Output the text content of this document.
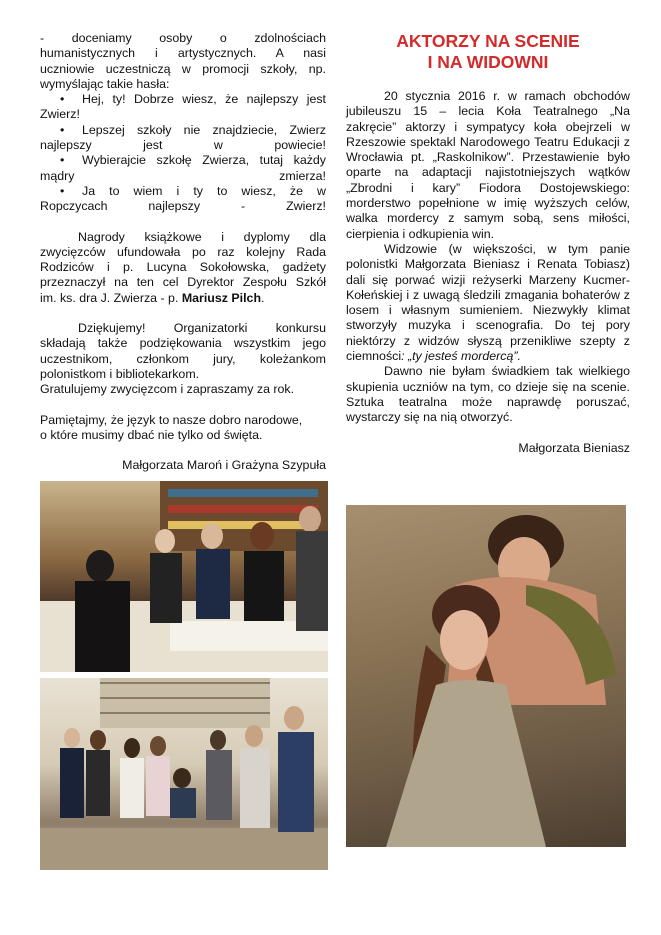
- doceniamy osoby o zdolnościach

humanistycznych i artystycznych. A nasi

uczniowie uczestniczą w promocji szkoły, np.

wymyślając takie hasła:

• Hej, ty! Dobrze wiesz, że najlepszy jest

Zwierz!

• Lepszej szkoły nie znajdziecie, Zwierz

najlepszy jest w powiecie!

• Wybierajcie szkołę Zwierza, tutaj każdy

mądry zmierza!

• Ja to wiem i ty to wiesz, że w

Ropczycach najlepszy - Zwierz!

Nagrody książkowe i dyplomy dla

zwycięzców ufundowała po raz kolejny Rada

Rodziców i p. Lucyna Sokołowska, gadżety

przeznaczył na ten cel Dyrektor Zespołu Szkół

im. ks. dra J. Zwierza - p. Mariusz Pilch.

Dziękujemy! Organizatorki konkursu

składają także podziękowania wszystkim jego

uczestnikom, członkom jury, koleżankom

polonistkom i bibliotekarkom.

Gratulujemy zwycięzcom i zapraszamy za rok.

Pamiętajmy, że język to nasze dobro narodowe,

o które musimy dbać nie tylko od święta.

Małgorzata Maroń i Grażyna Szypuła

AKTORZY NA SCENIE
I NA WIDOWNI

20 stycznia 2016 r. w ramach obchodów jubileuszu 15 – lecia Koła Teatralnego „Na zakręcie” aktorzy i sympatycy koła obejrzeli w Rzeszowie spektakl Narodowego Teatru Edukacji z Wrocławia pt. „Raskolnikow”. Przestawienie było oparte na adaptacji najistotniejszych wątków „Zbrodni i kary” Fiodora Dostojewskiego: morderstwo popełnione w imię wyższych celów, walka mordercy z samym sobą, sens miłości, cierpienia i odkupienia win.

Widzowie (w większości, w tym panie polonistki Małgorzata Bieniasz i Renata Tobiasz) dali się porwać wizji reżyserki Marzeny Kucmer-Kołeńskiej i z uwagą śledzili zmagania bohaterów z losem i własnym sumieniem. Niezwykły klimat stworzyły muzyka i scenografia. Do tej pory niektórzy z widzów słyszą przenikliwe szepty z ciemności: „ty jesteś mordercą”.

Dawno nie byłam świadkiem tak wielkiego skupienia uczniów na tym, co dzieje się na scenie. Sztuka teatralna może naprawdę poruszać, wystarczy się na nią otworzyć.

Małgorzata Bieniasz
